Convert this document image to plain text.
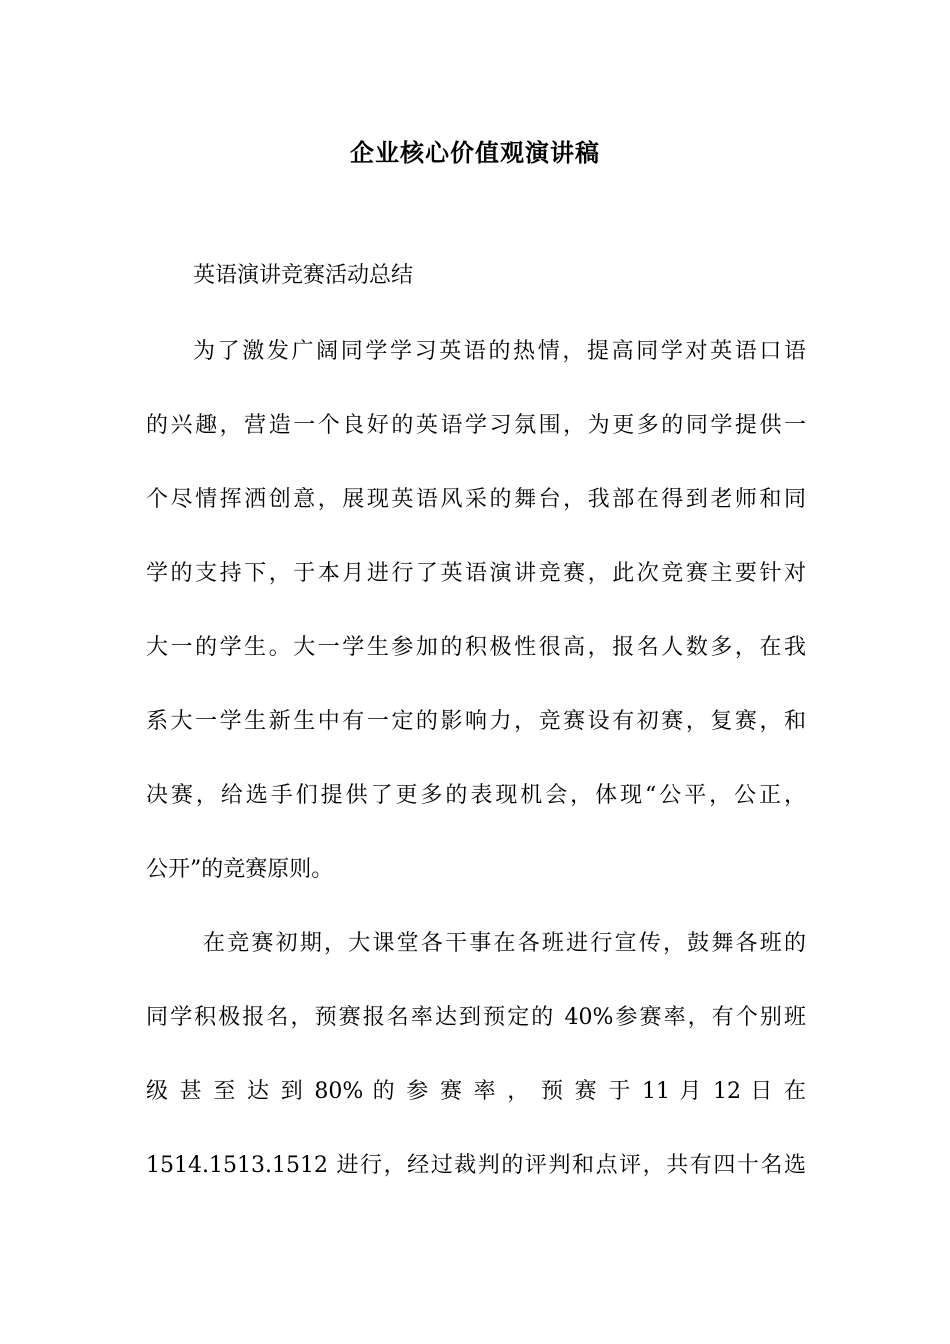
企业核心价值观演讲稿
英语演讲竞赛活动总结
为了激发广阔同学学习英语的热情，提高同学对英语口语
的兴趣，营造一个良好的英语学习氛围，为更多的同学提供一
个尽情挥洒创意，展现英语风采的舞台，我部在得到老师和同
学的支持下，于本月进行了英语演讲竞赛，此次竞赛主要针对
大一的学生。大一学生参加的积极性很高，报名人数多，在我
系大一学生新生中有一定的影响力，竞赛设有初赛，复赛，和
决赛，给选手们提供了更多的表现机会，体现“公平，公正，
公开”的竞赛原则。
在竞赛初期，大课堂各干事在各班进行宣传，鼓舞各班的
同学积极报名，预赛报名率达到预定的 40%参赛率，有个别班
级 甚 至 达 到 80% 的 参 赛 率 ， 预 赛 于 11 月 12 日 在
1514.1513.1512 进行，经过裁判的评判和点评，共有四十名选
